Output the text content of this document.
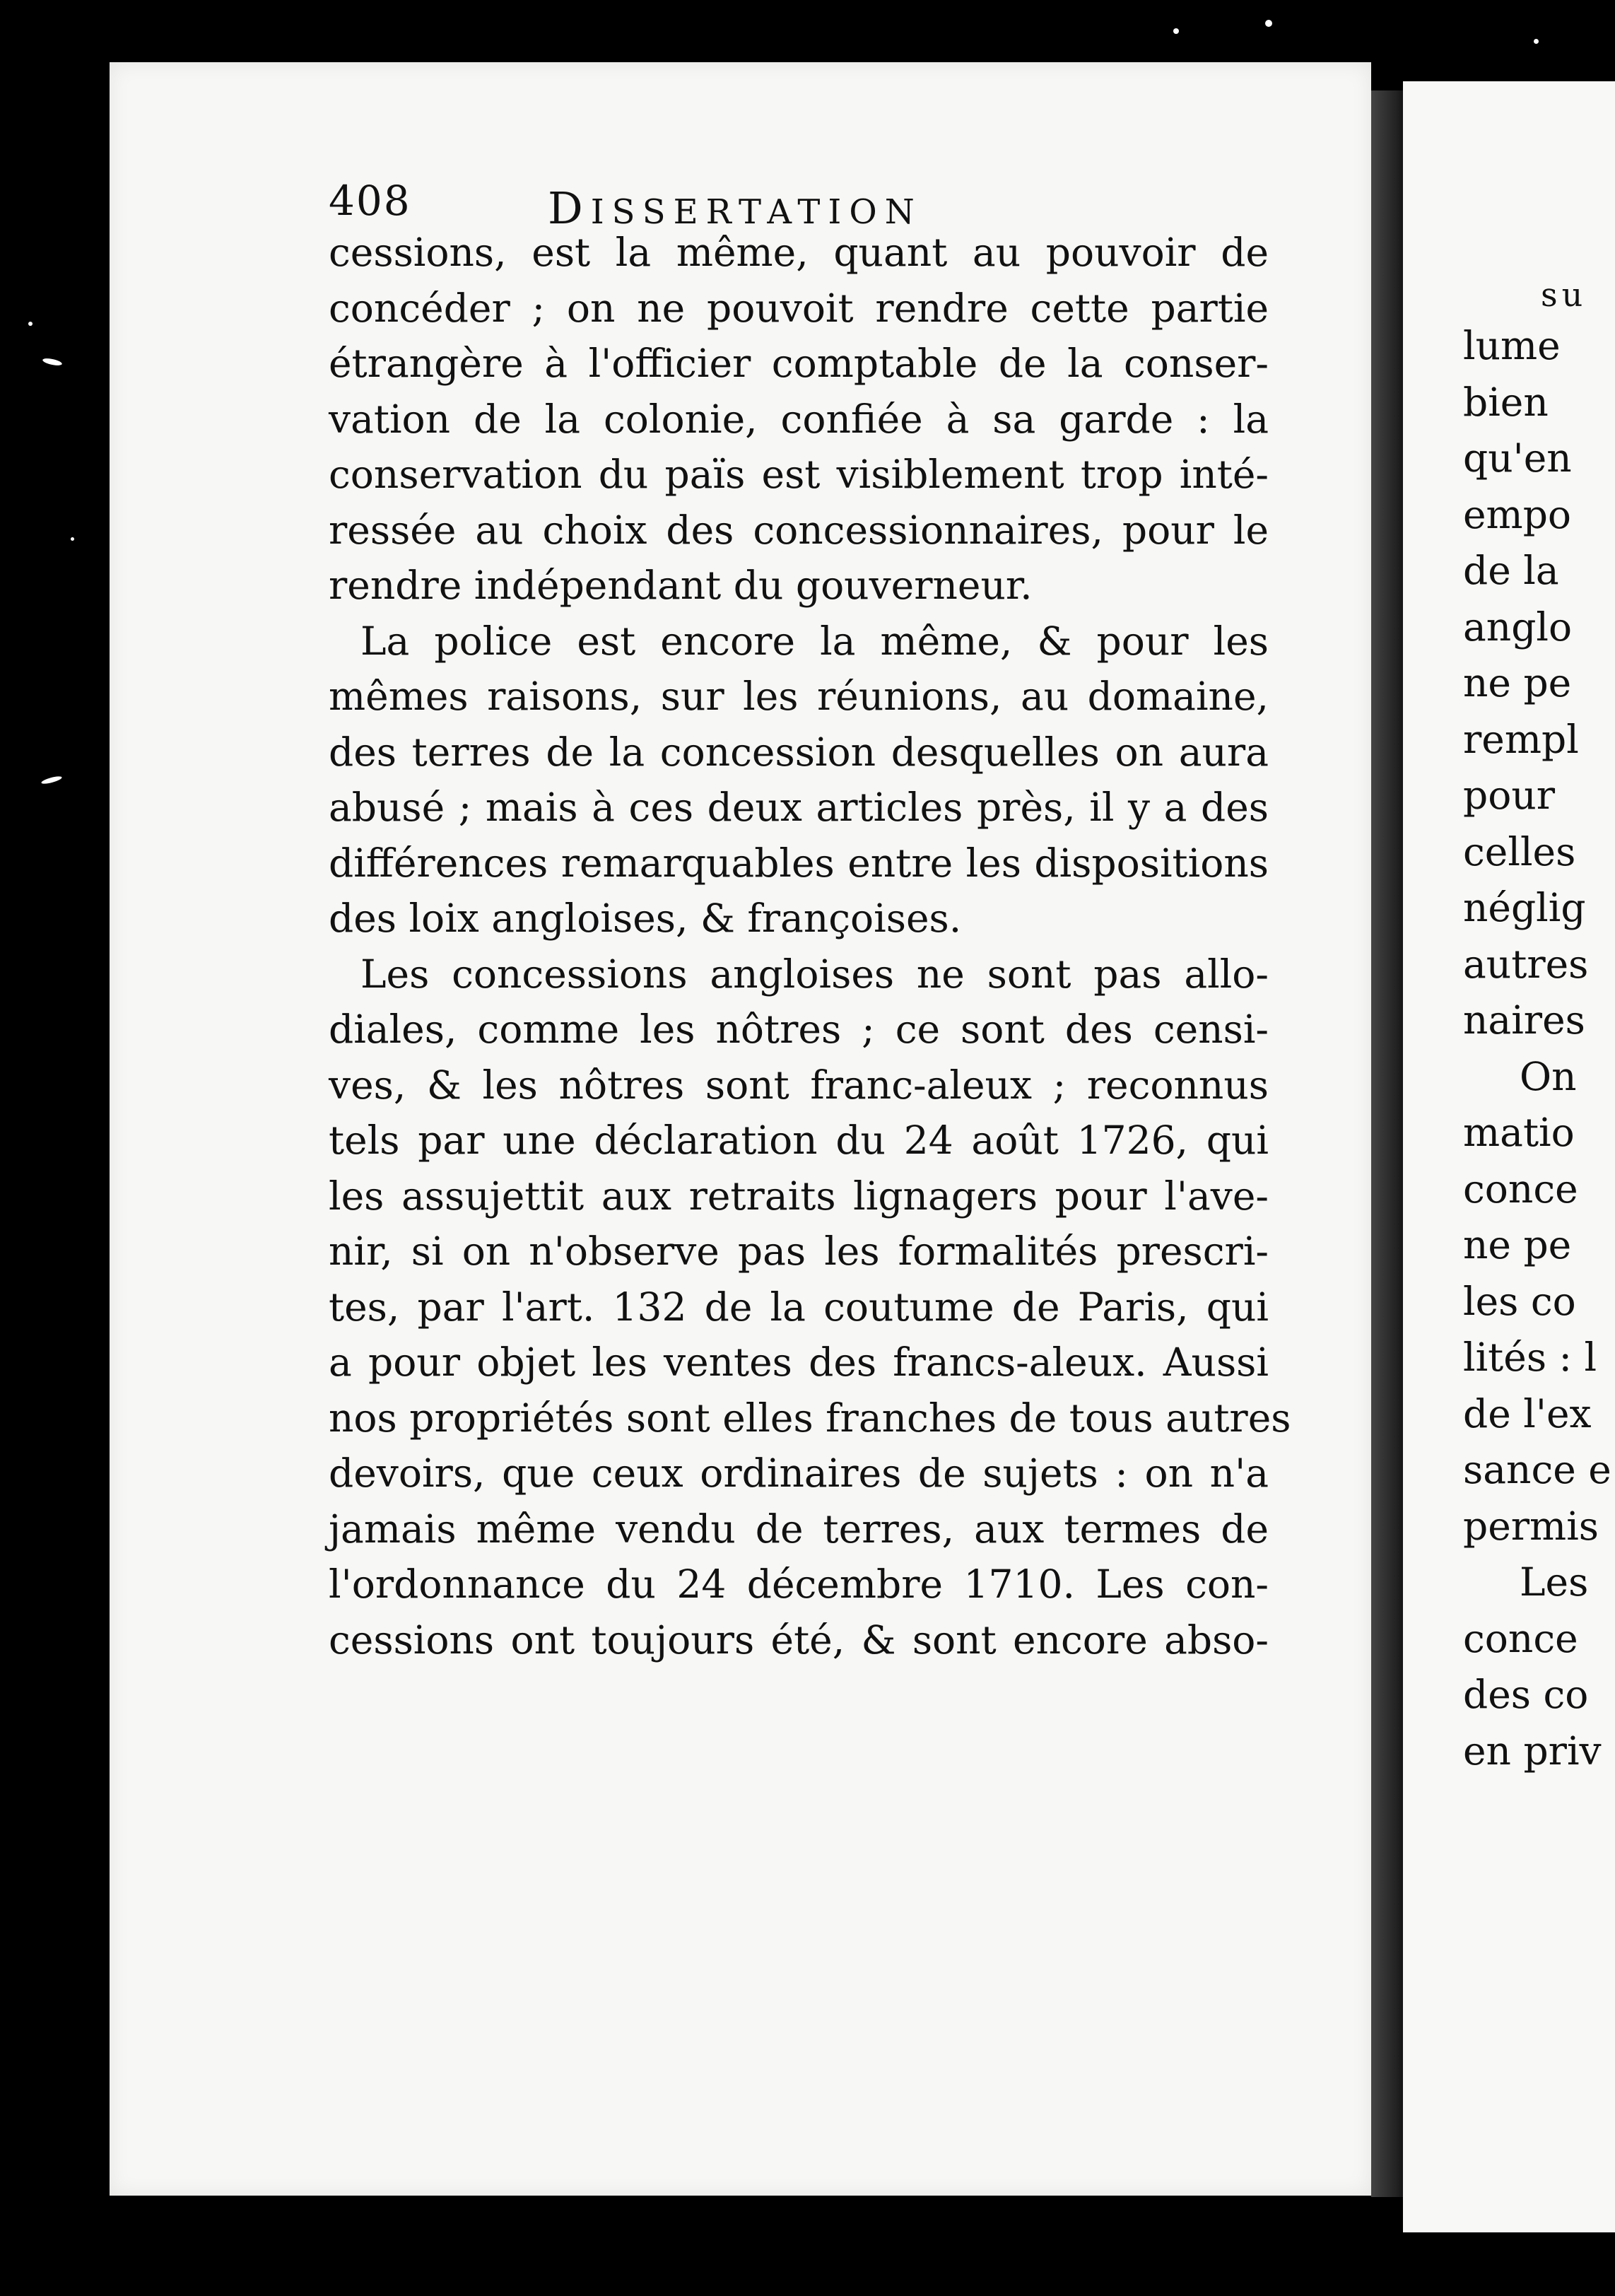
408	DISSERTATION
cessions, est la même, quant au pouvoir de
concéder ; on ne pouvoit rendre cette partie
étrangère à l'officier comptable de la conser-
vation de la colonie, confiée à sa garde : la
conservation du païs est visiblement trop inté-
ressée au choix des concessionnaires, pour le
rendre indépendant du gouverneur.
La police est encore la même, & pour les
mêmes raisons, sur les réunions, au domaine,
des terres de la concession desquelles on aura
abusé ; mais à ces deux articles près, il y a des
différences remarquables entre les dispositions
des loix angloises, & françoises.
Les concessions angloises ne sont pas allo-
diales, comme les nôtres ; ce sont des censi-
ves, & les nôtres sont franc-aleux ; reconnus
tels par une déclaration du 24 août 1726, qui
les assujettit aux retraits lignagers pour l'ave-
nir, si on n'observe pas les formalités prescri-
tes, par l'art. 132 de la coutume de Paris, qui
a pour objet les ventes des francs-aleux. Aussi
nos propriétés sont elles franches de tous autres
devoirs, que ceux ordinaires de sujets : on n'a
jamais même vendu de terres, aux termes de
l'ordonnance du 24 décembre 1710. Les con-
cessions ont toujours été, & sont encore abso-
su
lume
bien
qu'en
empo
de la
anglo
ne pe
rempl
pour
celles
néglig
autres
naires
On
matio
conce
ne pe
les co
lités : l
de l'ex
sance e
permis
Les
conce
des co
en priv
